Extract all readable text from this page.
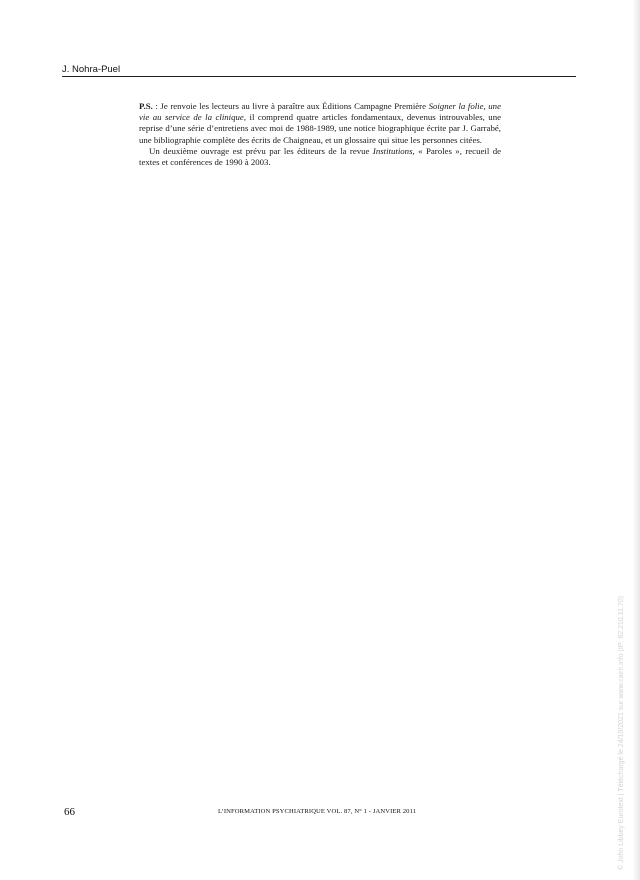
J. Nohra-Puel

P.S. : Je renvoie les lecteurs au livre à paraître aux Éditions Campagne Première Soigner la folie, une vie au service de la clinique, il comprend quatre articles fondamentaux, devenus introuvables, une reprise d’une série d’entretiens avec moi de 1988-1989, une notice biographique écrite par J. Garrabé, une bibliographie complète des écrits de Chaigneau, et un glossaire qui situe les personnes citées.

Un deuxième ouvrage est prévu par les éditeurs de la revue Institutions, « Paroles », recueil de textes et conférences de 1990 à 2003.

66	L’INFORMATION PSYCHIATRIQUE VOL. 87, N° 1 - JANVIER 2011	© John Libbey Eurotext | Téléchargé le 24/10/2021 sur www.cairn.info (IP: 62.210.11.70)
